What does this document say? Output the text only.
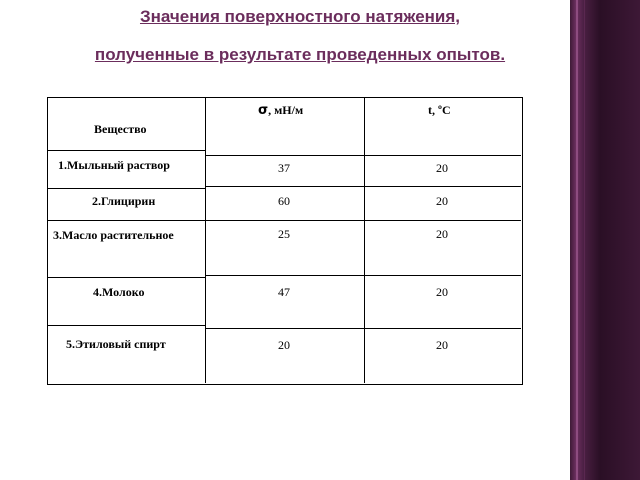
Значения поверхностного натяжения,
полученные в результате проведенных опытов.
Вещество
σ, мН/м	t, ºС
1.Мыльный раствор
2.Глицирин
3.Масло растительное
4.Молоко
5.Этиловый спирт
37
60
25
47
20
20
20
20
20
20
